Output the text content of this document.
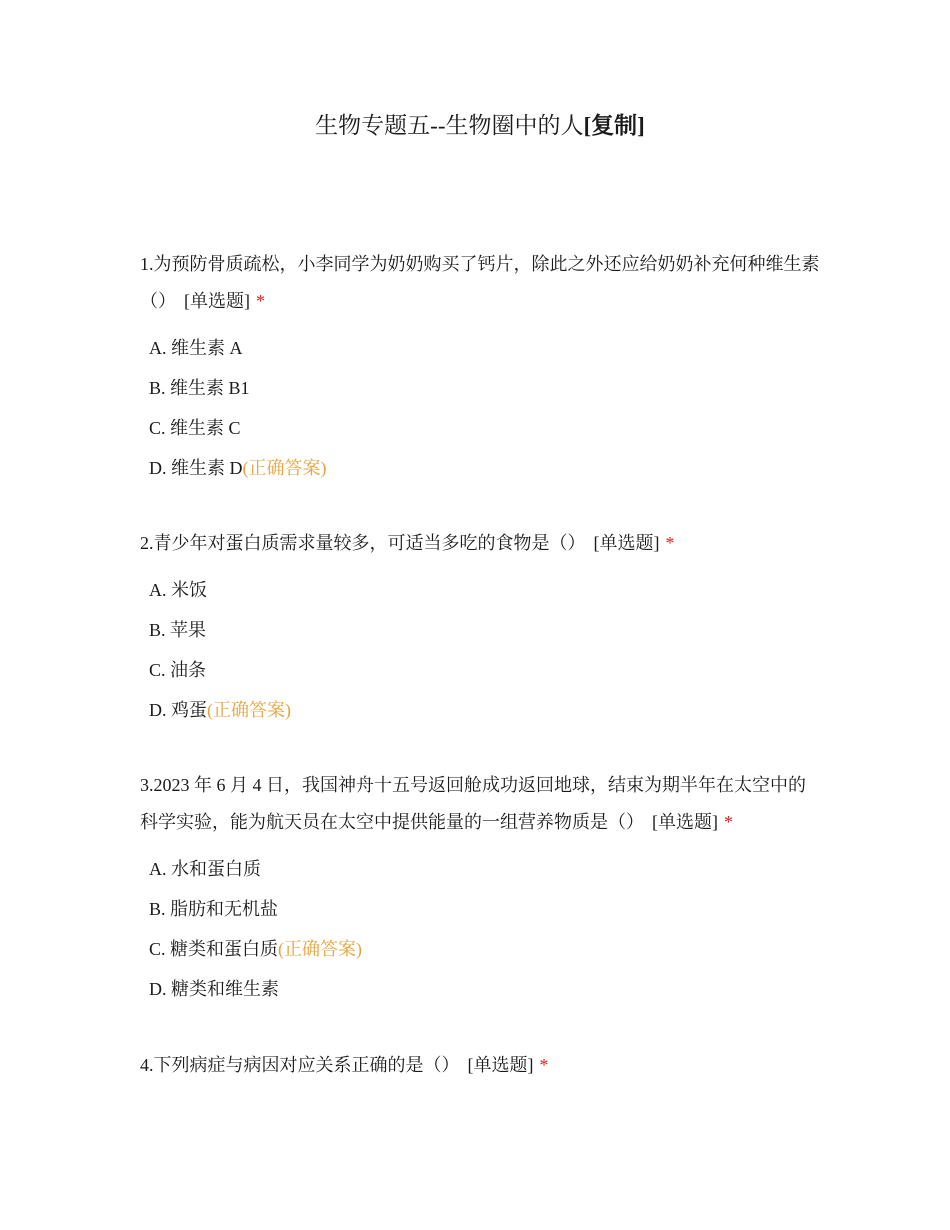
生物专题五--生物圈中的人[复制]

1.为预防骨质疏松，小李同学为奶奶购买了钙片，除此之外还应给奶奶补充何种维生素（） [单选题] *

A. 维生素 A

B. 维生素 B1

C. 维生素 C

D. 维生素 D(正确答案)

2.青少年对蛋白质需求量较多，可适当多吃的食物是（） [单选题] *

A. 米饭

B. 苹果

C. 油条

D. 鸡蛋(正确答案)

3.2023 年 6 月 4 日，我国神舟十五号返回舱成功返回地球，结束为期半年在太空中的科学实验，能为航天员在太空中提供能量的一组营养物质是（） [单选题] *

A. 水和蛋白质

B. 脂肪和无机盐

C. 糖类和蛋白质(正确答案)

D. 糖类和维生素

4.下列病症与病因对应关系正确的是（） [单选题] *
